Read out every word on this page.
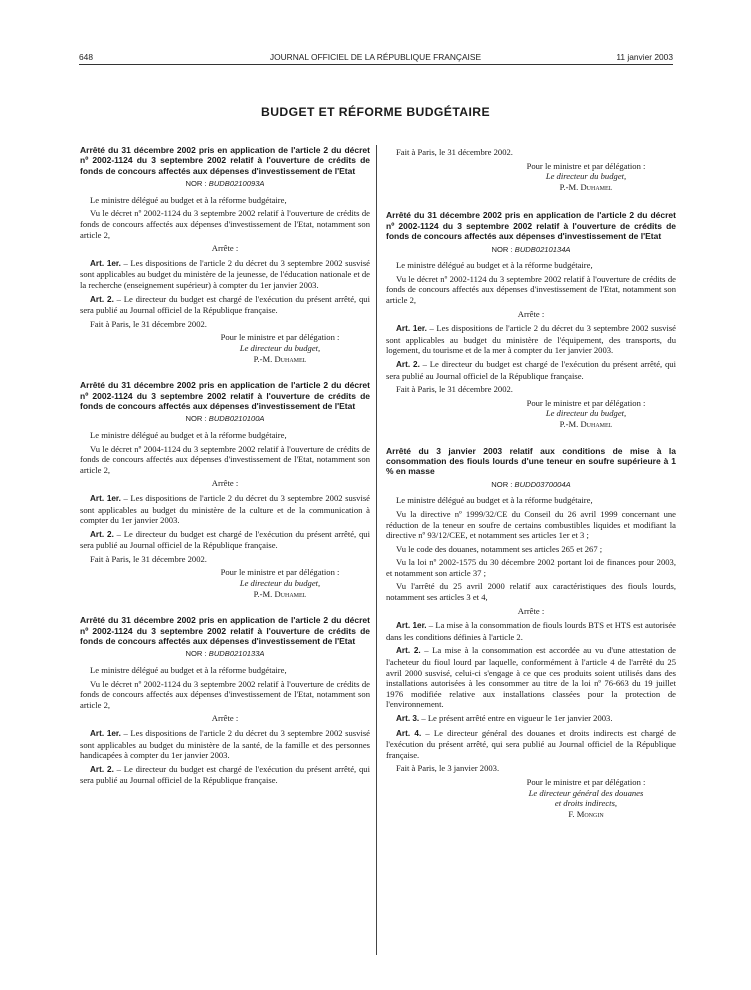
648	JOURNAL OFFICIEL DE LA RÉPUBLIQUE FRANÇAISE	11 janvier 2003
BUDGET ET RÉFORME BUDGÉTAIRE
Arrêté du 31 décembre 2002 pris en application de l'article 2 du décret nº 2002-1124 du 3 septembre 2002 relatif à l'ouverture de crédits de fonds de concours affectés aux dépenses d'investissement de l'Etat
NOR : BUDB0210093A

Le ministre délégué au budget et à la réforme budgétaire,

Vu le décret nº 2002-1124 du 3 septembre 2002 relatif à l'ouverture de crédits de fonds de concours affectés aux dépenses d'investissement de l'Etat, notamment son article 2,

Arrête :

Art. 1er. – Les dispositions de l'article 2 du décret du 3 septembre 2002 susvisé sont applicables au budget du ministère de la jeunesse, de l'éducation nationale et de la recherche (enseignement supérieur) à compter du 1er janvier 2003.

Art. 2. – Le directeur du budget est chargé de l'exécution du présent arrêté, qui sera publié au Journal officiel de la République française.

Fait à Paris, le 31 décembre 2002.

Pour le ministre et par délégation :

Le directeur du budget,

P.-M. Duhamel

Arrêté du 31 décembre 2002 pris en application de l'article 2 du décret nº 2002-1124 du 3 septembre 2002 relatif à l'ouverture de crédits de fonds de concours affectés aux dépenses d'investissement de l'Etat
NOR : BUDB0210100A

Le ministre délégué au budget et à la réforme budgétaire,

Vu le décret nº 2004-1124 du 3 septembre 2002 relatif à l'ouverture de crédits de fonds de concours affectés aux dépenses d'investissement de l'Etat, notamment son article 2,

Arrête :

Art. 1er. – Les dispositions de l'article 2 du décret du 3 septembre 2002 susvisé sont applicables au budget du ministère de la culture et de la communication à compter du 1er janvier 2003.

Art. 2. – Le directeur du budget est chargé de l'exécution du présent arrêté, qui sera publié au Journal officiel de la République française.

Fait à Paris, le 31 décembre 2002.

Pour le ministre et par délégation :

Le directeur du budget,

P.-M. Duhamel

Arrêté du 31 décembre 2002 pris en application de l'article 2 du décret nº 2002-1124 du 3 septembre 2002 relatif à l'ouverture de crédits de fonds de concours affectés aux dépenses d'investissement de l'Etat
NOR : BUDB0210133A

Le ministre délégué au budget et à la réforme budgétaire,

Vu le décret nº 2002-1124 du 3 septembre 2002 relatif à l'ouverture de crédits de fonds de concours affectés aux dépenses d'investissement de l'Etat, notamment son article 2,

Arrête :

Art. 1er. – Les dispositions de l'article 2 du décret du 3 septembre 2002 susvisé sont applicables au budget du ministère de la santé, de la famille et des personnes handicapées à compter du 1er janvier 2003.

Art. 2. – Le directeur du budget est chargé de l'exécution du présent arrêté, qui sera publié au Journal officiel de la République française.

Fait à Paris, le 31 décembre 2002.

Pour le ministre et par délégation :

Le directeur du budget,

P.-M. Duhamel

Arrêté du 31 décembre 2002 pris en application de l'article 2 du décret nº 2002-1124 du 3 septembre 2002 relatif à l'ouverture de crédits de fonds de concours affectés aux dépenses d'investissement de l'Etat
NOR : BUDB0210134A

Le ministre délégué au budget et à la réforme budgétaire,

Vu le décret nº 2002-1124 du 3 septembre 2002 relatif à l'ouverture de crédits de fonds de concours affectés aux dépenses d'investissement de l'Etat, notamment son article 2,

Arrête :

Art. 1er. – Les dispositions de l'article 2 du décret du 3 septembre 2002 susvisé sont applicables au budget du ministère de l'équipement, des transports, du logement, du tourisme et de la mer à compter du 1er janvier 2003.

Art. 2. – Le directeur du budget est chargé de l'exécution du présent arrêté, qui sera publié au Journal officiel de la République française.

Fait à Paris, le 31 décembre 2002.

Pour le ministre et par délégation :

Le directeur du budget,

P.-M. Duhamel

Arrêté du 3 janvier 2003 relatif aux conditions de mise à la consommation des fiouls lourds d'une teneur en soufre supérieure à 1 % en masse
NOR : BUDD0370004A

Le ministre délégué au budget et à la réforme budgétaire,

Vu la directive nº 1999/32/CE du Conseil du 26 avril 1999 concernant une réduction de la teneur en soufre de certains combustibles liquides et modifiant la directive nº 93/12/CEE, et notamment ses articles 1er et 3 ;

Vu le code des douanes, notamment ses articles 265 et 267 ;

Vu la loi nº 2002-1575 du 30 décembre 2002 portant loi de finances pour 2003, et notamment son article 37 ;

Vu l'arrêté du 25 avril 2000 relatif aux caractéristiques des fiouls lourds, notamment ses articles 3 et 4,

Arrête :

Art. 1er. – La mise à la consommation de fiouls lourds BTS et HTS est autorisée dans les conditions définies à l'article 2.

Art. 2. – La mise à la consommation est accordée au vu d'une attestation de l'acheteur du fioul lourd par laquelle, conformément à l'article 4 de l'arrêté du 25 avril 2000 susvisé, celui-ci s'engage à ce que ces produits soient utilisés dans des installations autorisées à les consommer au titre de la loi nº 76-663 du 19 juillet 1976 modifiée relative aux installations classées pour la protection de l'environnement.

Art. 3. – Le présent arrêté entre en vigueur le 1er janvier 2003.

Art. 4. – Le directeur général des douanes et droits indirects est chargé de l'exécution du présent arrêté, qui sera publié au Journal officiel de la République française.

Fait à Paris, le 3 janvier 2003.

Pour le ministre et par délégation :

Le directeur général des douanes

et droits indirects,

F. Mongin
